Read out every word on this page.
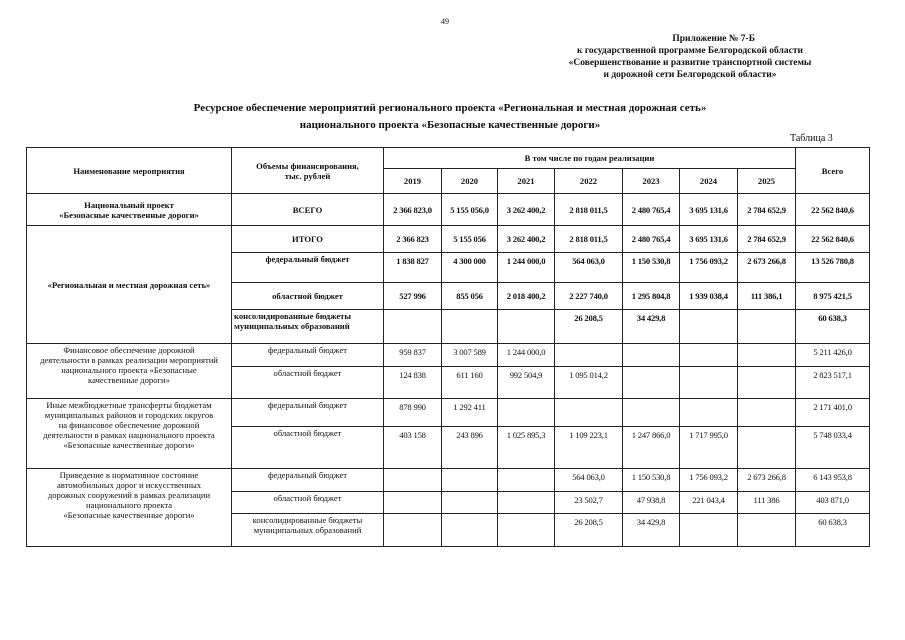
49
Приложение № 7-Б
к государственной программе Белгородской области
«Совершенствование и развитие транспортной системы
и дорожной сети Белгородской области»
Ресурсное обеспечение мероприятий регионального проекта «Региональная и местная дорожная сеть»
национального проекта «Безопасные качественные дороги»
Таблица 3
Наименование мероприятия	Объемы финансирования,
тыс. рублей	В том числе по годам реализации							Всего
		2019	2020	2021	2022	2023	2024	2025	

Национальный проект
«Безопасные качественные дороги»	ВСЕГО	2 366 823,0	5 155 056,0	3 262 400,2	2 818 011,5	2 480 765,4	3 695 131,6	2 784 652,9	22 562 840,6
«Региональная и местная дорожная сеть»	ИТОГО	2 366 823	5 155 056	3 262 400,2	2 818 011,5	2 480 765,4	3 695 131,6	2 784 652,9	22 562 840,6
	федеральный бюджет	1 838 827	4 300 000	1 244 000,0	564 063,0	1 150 530,8	1 756 093,2	2 673 266,8	13 526 780,8
	областной бюджет	527 996	855 056	2 018 400,2	2 227 740,0	1 295 804,8	1 939 038,4	111 386,1	8 975 421,5

	консолидированные бюджеты
муниципальных образований				26 208,5	34 429,8			60 638,3

Финансовое обеспечение дорожной
деятельности в рамках реализации мероприятий
национального проекта «Безопасные
качественные дороги»	федеральный бюджет	959 837	3 007 589	1 244 000,0					5 211 426,0
	областной бюджет	124 838	611 160	992 504,9	1 095 014,2				2 823 517,1

Иные межбюджетные трансферты бюджетам
муниципальных районов и городских округов
на финансовое обеспечение дорожной
деятельности в рамках национального проекта
«Безопасные качественные дороги»	федеральный бюджет	878 990	1 292 411						2 171 401,0
	областной бюджет	403 158	243 896	1 025 895,3	1 109 223,1	1 247 866,0	1 717 995,0		5 748 033,4

Приведение в нормативное состояние
автомобильных дорог и искусственных
дорожных сооружений в рамках реализации
национального проекта
«Безопасные качественные дороги»	федеральный бюджет				564 063,0	1 150 530,8	1 756 093,2	2 673 266,8	6 143 953,8
	областной бюджет				23 502,7	47 938,8	221 043,4	111 386	403 871,0

	консолидированные бюджеты
муниципальных образований				26 208,5	34 429,8			60 638,3
